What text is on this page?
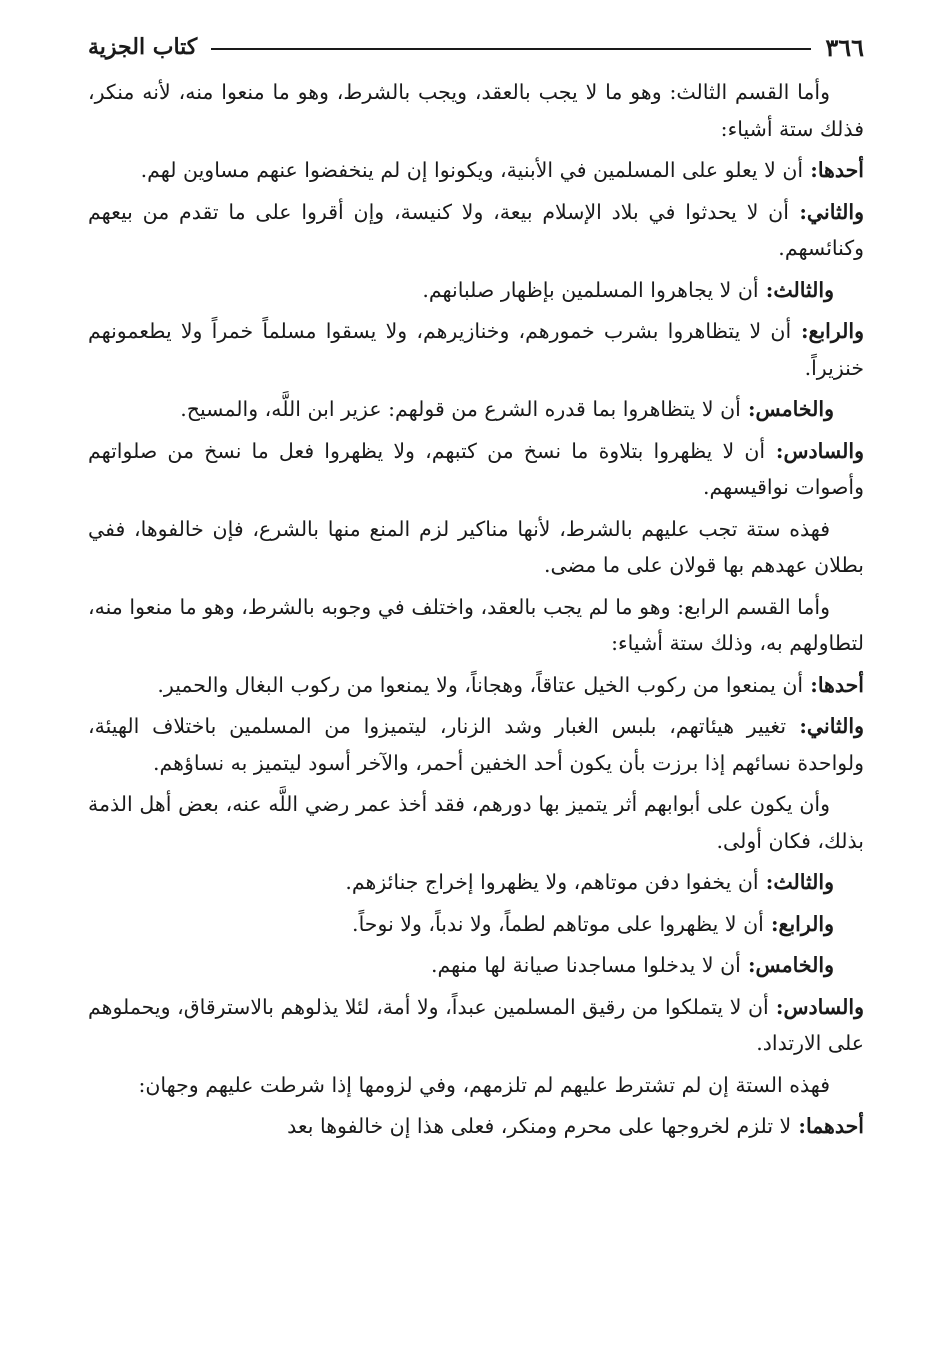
٣٦٦
كتاب الجزية

وأما القسم الثالث: وهو ما لا يجب بالعقد، ويجب بالشرط، وهو ما منعوا منه، لأنه منكر، فذلك ستة أشياء:

أحدها: أن لا يعلو على المسلمين في الأبنية، ويكونوا إن لم ينخفضوا عنهم مساوين لهم.

والثاني: أن لا يحدثوا في بلاد الإسلام بيعة، ولا كنيسة، وإن أقروا على ما تقدم من بيعهم وكنائسهم.

والثالث: أن لا يجاهروا المسلمين بإظهار صلبانهم.

والرابع: أن لا يتظاهروا بشرب خمورهم، وخنازيرهم، ولا يسقوا مسلماً خمراً ولا يطعمونهم خنزيراً.

والخامس: أن لا يتظاهروا بما قدره الشرع من قولهم: عزير ابن اللَّه، والمسيح.

والسادس: أن لا يظهروا بتلاوة ما نسخ من كتبهم، ولا يظهروا فعل ما نسخ من صلواتهم وأصوات نواقيسهم.

فهذه ستة تجب عليهم بالشرط، لأنها مناكير لزم المنع منها بالشرع، فإن خالفوها، ففي بطلان عهدهم بها قولان على ما مضى.

وأما القسم الرابع: وهو ما لم يجب بالعقد، واختلف في وجوبه بالشرط، وهو ما منعوا منه، لتطاولهم به، وذلك ستة أشياء:

أحدها: أن يمنعوا من ركوب الخيل عتاقاً، وهجاناً، ولا يمنعوا من ركوب البغال والحمير.

والثاني: تغيير هيئاتهم، بلبس الغبار وشد الزنار، ليتميزوا من المسلمين باختلاف الهيئة، ولواحدة نسائهم إذا برزت بأن يكون أحد الخفين أحمر، والآخر أسود ليتميز به نساؤهم.

وأن يكون على أبوابهم أثر يتميز بها دورهم، فقد أخذ عمر رضي اللَّه عنه، بعض أهل الذمة بذلك، فكان أولى.

والثالث: أن يخفوا دفن موتاهم، ولا يظهروا إخراج جنائزهم.

والرابع: أن لا يظهروا على موتاهم لطماً، ولا ندباً، ولا نوحاً.

والخامس: أن لا يدخلوا مساجدنا صيانة لها منهم.

والسادس: أن لا يتملكوا من رقيق المسلمين عبداً، ولا أمة، لئلا يذلوهم بالاسترقاق، ويحملوهم على الارتداد.

فهذه الستة إن لم تشترط عليهم لم تلزمهم، وفي لزومها إذا شرطت عليهم وجهان:

أحدهما: لا تلزم لخروجها على محرم ومنكر، فعلى هذا إن خالفوها بعد
